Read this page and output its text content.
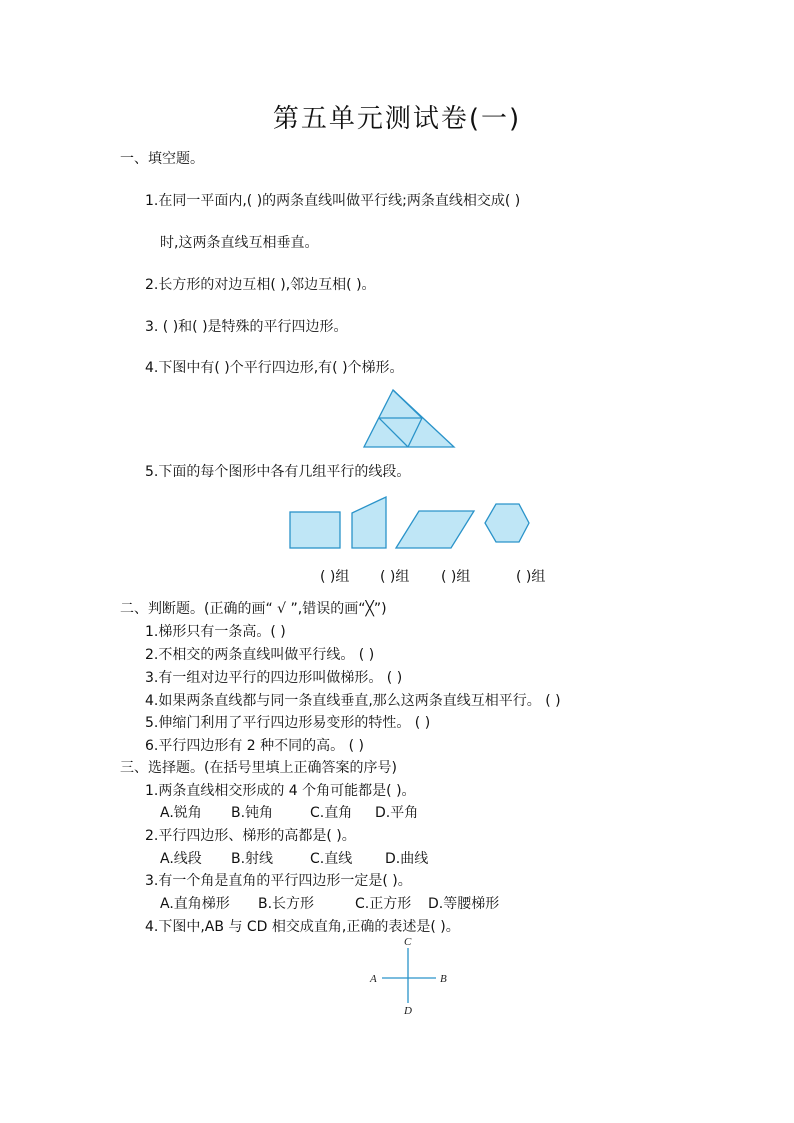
第五单元测试卷(一)
一、填空题。
1.在同一平面内,( )的两条直线叫做平行线;两条直线相交成( )
时,这两条直线互相垂直。
2.长方形的对边互相( ),邻边互相( )。
3. ( )和( )是特殊的平行四边形。
4.下图中有( )个平行四边形,有( )个梯形。
5.下面的每个图形中各有几组平行的线段。
( )组 ( )组 ( )组	( )组
二、判断题。(正确的画“ √ ”,错误的画“╳”)
1.梯形只有一条高。( )
2.不相交的两条直线叫做平行线。 ( )
3.有一组对边平行的四边形叫做梯形。 ( )
4.如果两条直线都与同一条直线垂直,那么这两条直线互相平行。 ( )
5.伸缩门利用了平行四边形易变形的特性。 ( )
6.平行四边形有 2 种不同的高。 ( )
三、选择题。(在括号里填上正确答案的序号)
1.两条直线相交形成的 4 个角可能都是( )。
A.锐角 B.钝角	C.直角 D.平角
2.平行四边形、梯形的高都是( )。
A.线段 B.射线	C.直线 D.曲线
3.有一个角是直角的平行四边形一定是( )。
A.直角梯形 B.长方形	C.正方形 D.等腰梯形
4.下图中,AB 与 CD 相交成直角,正确的表述是( )。
C
A	B
D
